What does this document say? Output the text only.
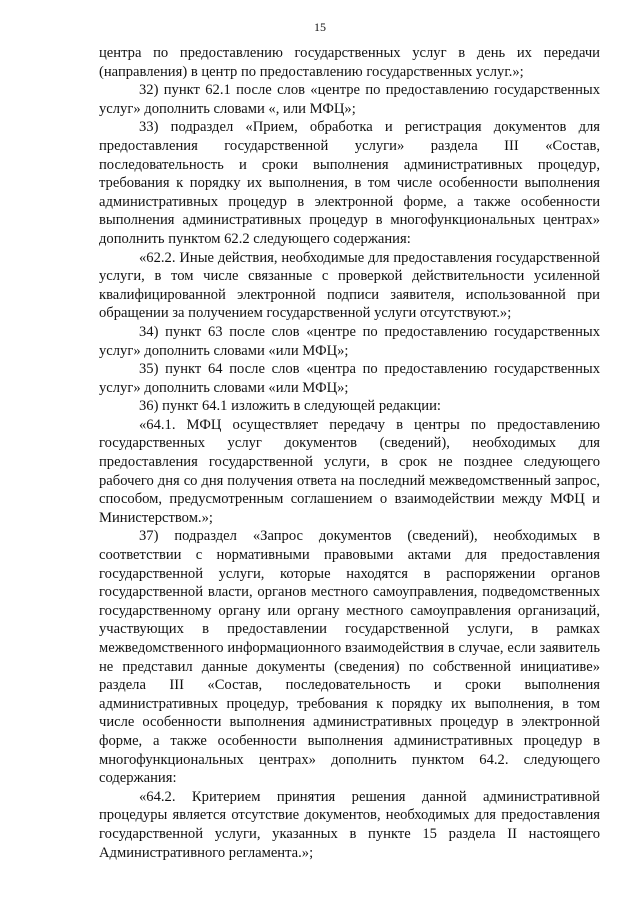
15

центра по предоставлению государственных услуг в день их передачи (направления) в центр по предоставлению государственных услуг.»;

32) пункт 62.1 после слов «центре по предоставлению государственных услуг» дополнить словами «, или МФЦ»;

33) подраздел «Прием, обработка и регистрация документов для предоставления государственной услуги» раздела III «Состав, последовательность и сроки выполнения административных процедур, требования к порядку их выполнения, в том числе особенности выполнения административных процедур в электронной форме, а также особенности выполнения административных процедур в многофункциональных центрах» дополнить пунктом 62.2 следующего содержания:

«62.2. Иные действия, необходимые для предоставления государственной услуги, в том числе связанные с проверкой действительности усиленной квалифицированной электронной подписи заявителя, использованной при обращении за получением государственной услуги отсутствуют.»;

34) пункт 63 после слов «центре по предоставлению государственных услуг» дополнить словами «или МФЦ»;

35) пункт 64 после слов «центра по предоставлению государственных услуг» дополнить словами «или МФЦ»;

36) пункт 64.1 изложить в следующей редакции:

«64.1. МФЦ осуществляет передачу в центры по предоставлению государственных услуг документов (сведений), необходимых для предоставления государственной услуги, в срок не позднее следующего рабочего дня со дня получения ответа на последний межведомственный запрос, способом, предусмотренным соглашением о взаимодействии между МФЦ и Министерством.»;

37) подраздел «Запрос документов (сведений), необходимых в соответствии с нормативными правовыми актами для предоставления государственной услуги, которые находятся в распоряжении органов государственной власти, органов местного самоуправления, подведомственных государственному органу или органу местного самоуправления организаций, участвующих в предоставлении государственной услуги, в рамках межведомственного информационного взаимодействия в случае, если заявитель не представил данные документы (сведения) по собственной инициативе» раздела III «Состав, последовательность и сроки выполнения административных процедур, требования к порядку их выполнения, в том числе особенности выполнения административных процедур в электронной форме, а также особенности выполнения административных процедур в многофункциональных центрах» дополнить пунктом 64.2. следующего содержания:

«64.2. Критерием принятия решения данной административной процедуры является отсутствие документов, необходимых для предоставления государственной услуги, указанных в пункте 15 раздела II настоящего Административного регламента.»;
